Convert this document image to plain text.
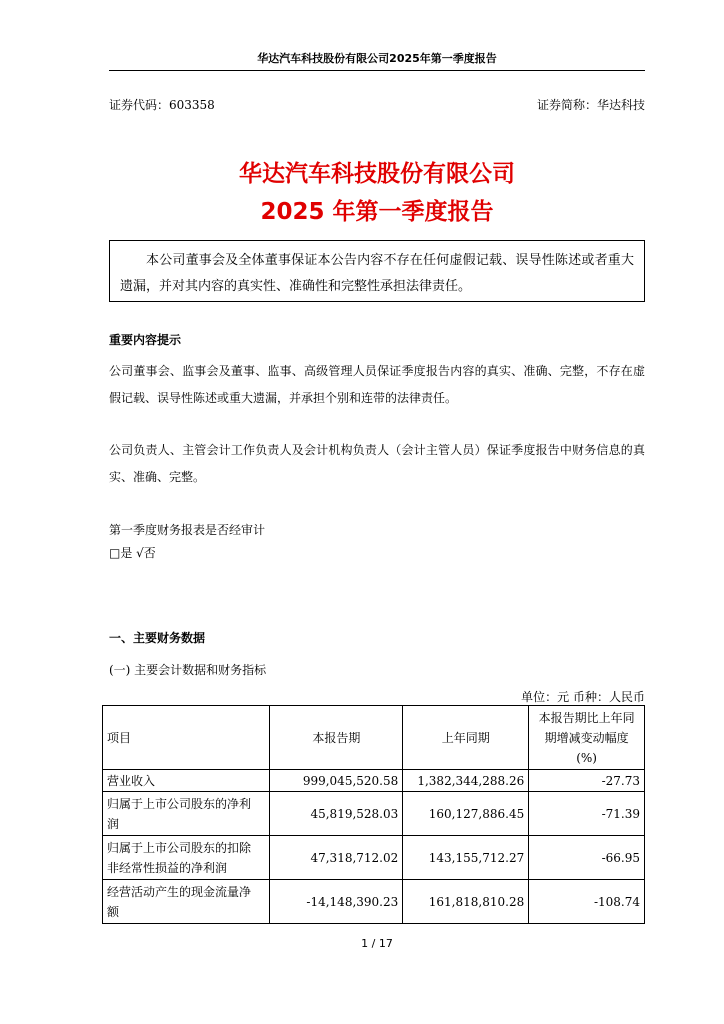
华达汽车科技股份有限公司2025年第一季度报告
证券代码：603358	证券简称：华达科技
华达汽车科技股份有限公司
2025 年第一季度报告
本公司董事会及全体董事保证本公告内容不存在任何虚假记载、误导性陈述或者重大遗漏，并对其内容的真实性、准确性和完整性承担法律责任。
重要内容提示
公司董事会、监事会及董事、监事、高级管理人员保证季度报告内容的真实、准确、完整，不存在虚假记载、误导性陈述或重大遗漏，并承担个别和连带的法律责任。
公司负责人、主管会计工作负责人及会计机构负责人（会计主管人员）保证季度报告中财务信息的真实、准确、完整。
第一季度财务报表是否经审计
□是 √否
一、主要财务数据
(一) 主要会计数据和财务指标
单位：元 币种：人民币
项目	本报告期	上年同期	本报告期比上年同
期增减变动幅度
(%)

营业收入	999,045,520.58	1,382,344,288.26	-27.73

归属于上市公司股东的净利
润	45,819,528.03	160,127,886.45	-71.39

归属于上市公司股东的扣除
非经常性损益的净利润	47,318,712.02	143,155,712.27	-66.95

经营活动产生的现金流量净
额	-14,148,390.23	161,818,810.28	-108.74
1 / 17
